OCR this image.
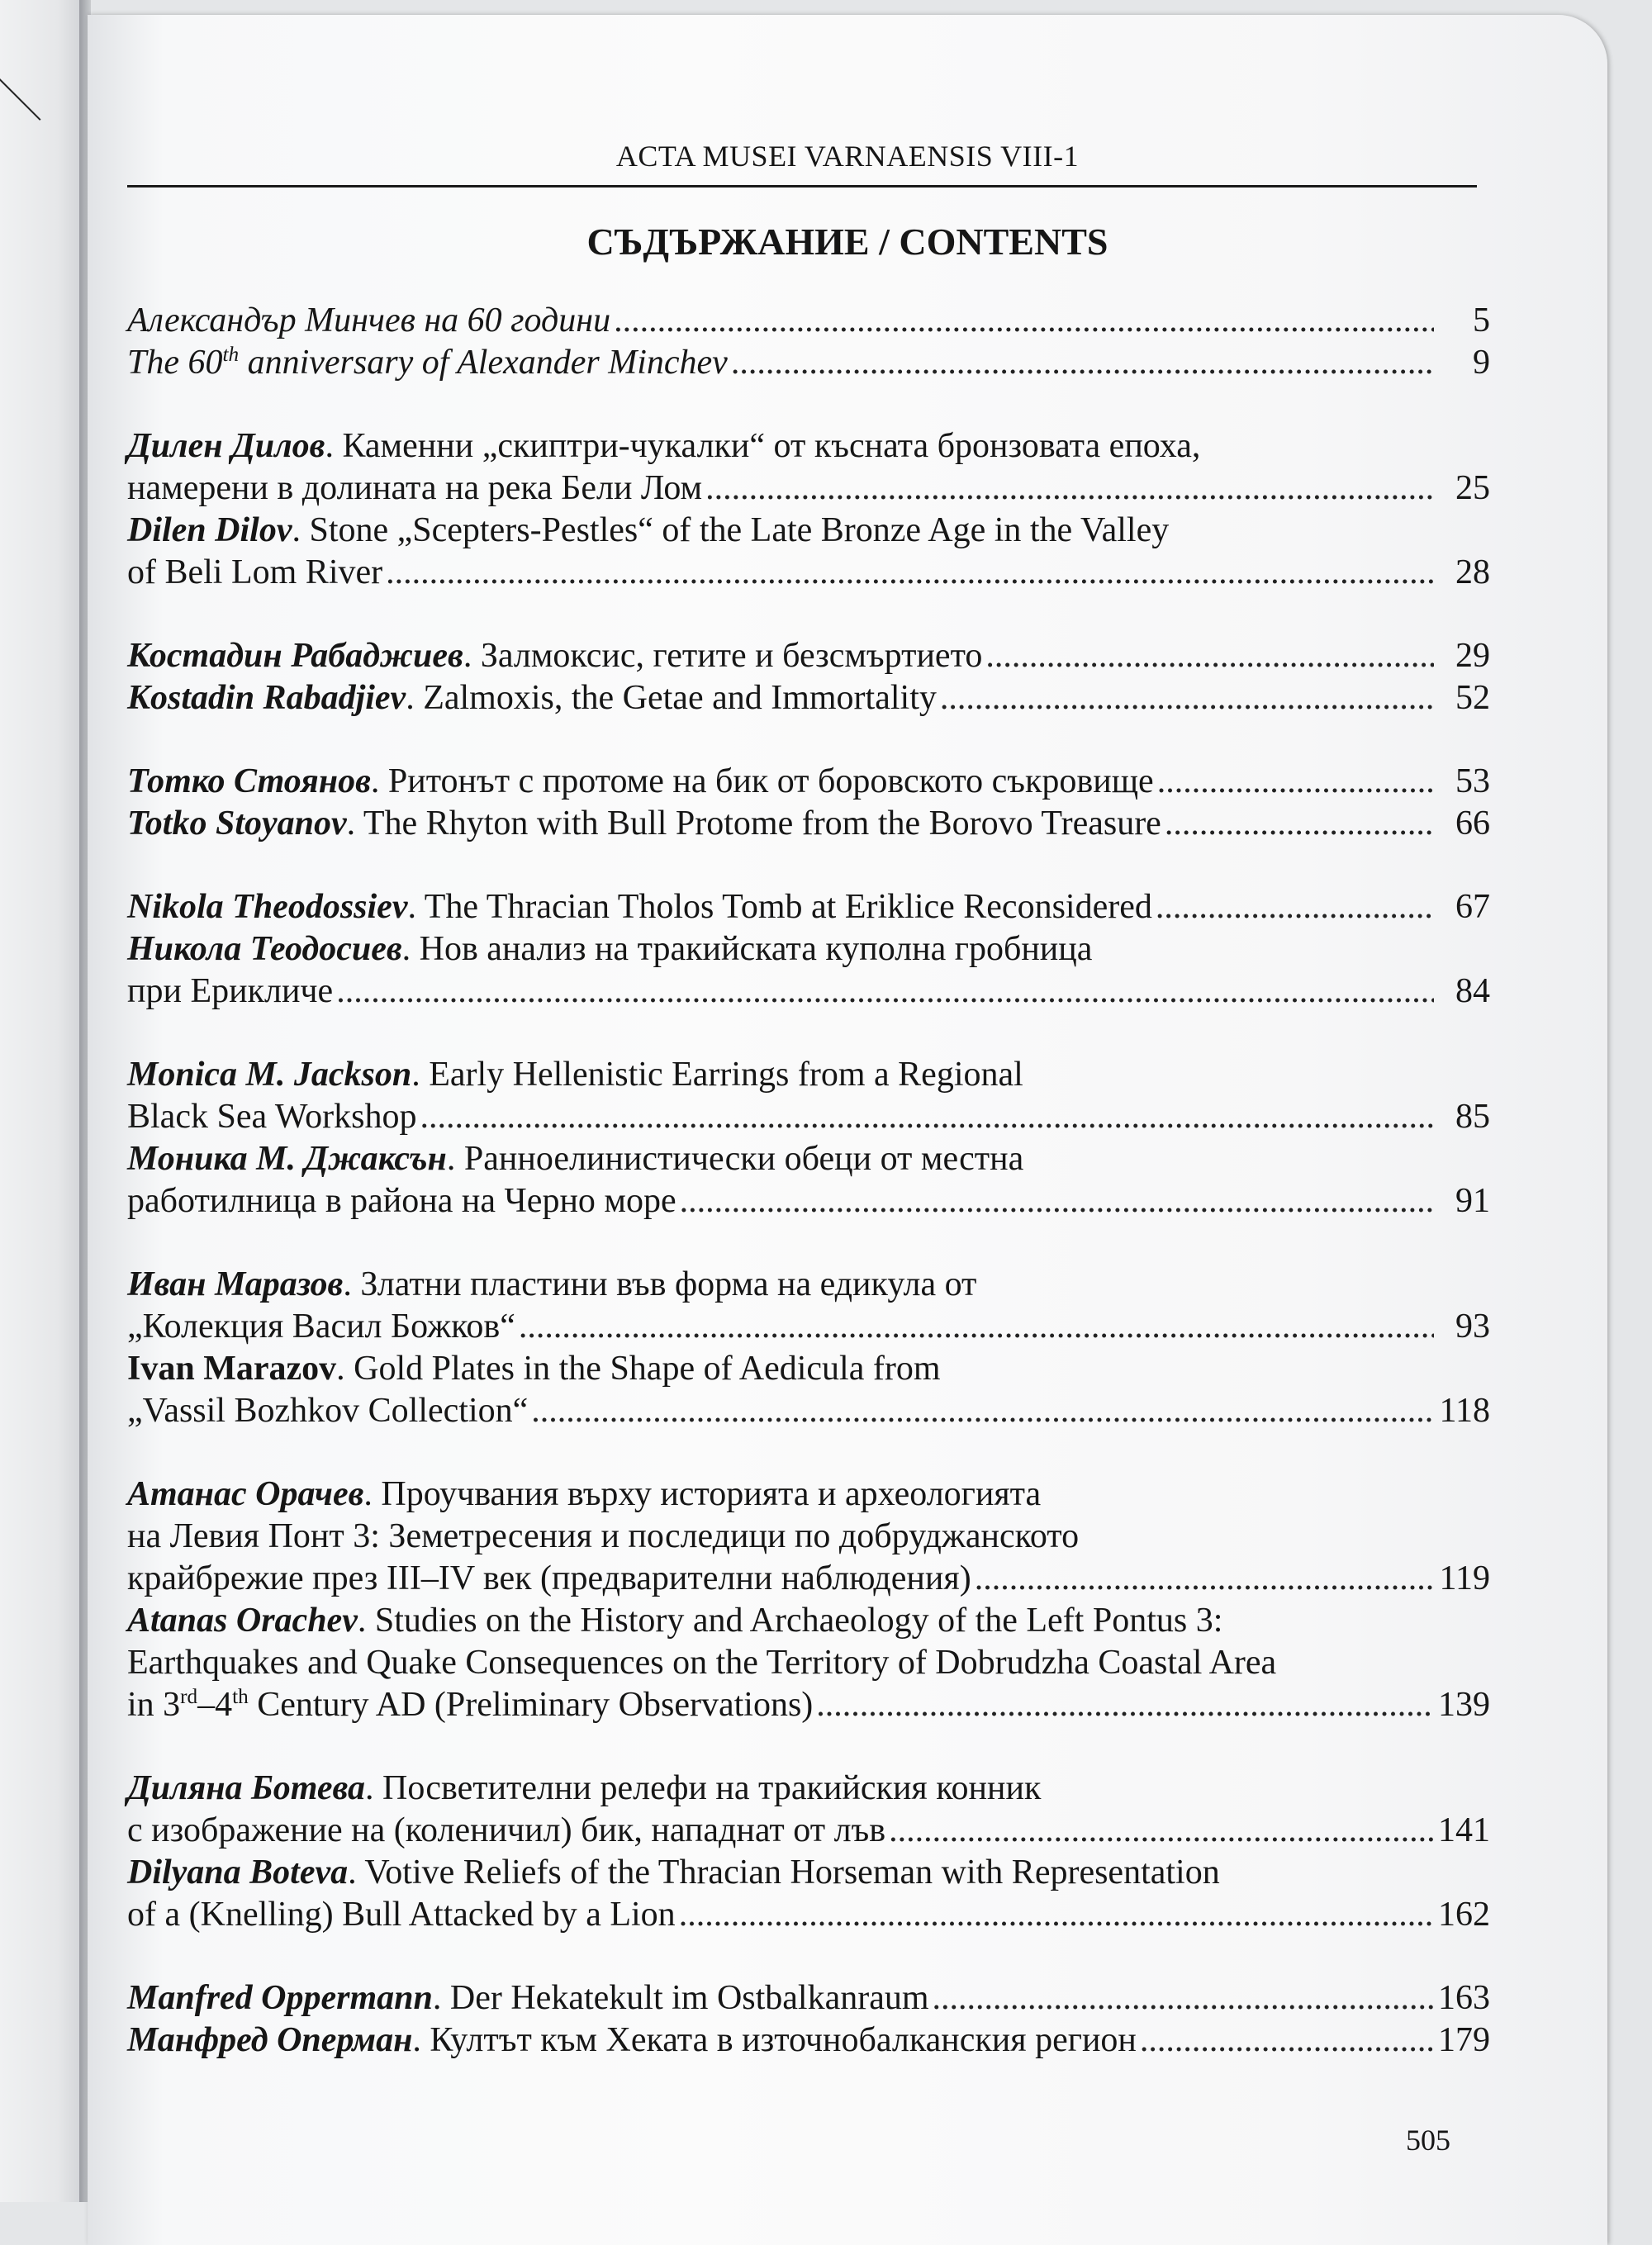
ACTA MUSEI VARNAENSIS VIII-1
СЪДЪРЖАНИЕ / CONTENTS
Александър Минчев на 60 години .....	5
The 60th anniversary of Alexander Minchev .....	9
Дилен Дилов. Каменни „скиптри-чукалки“ от късната бронзовата епоха,
намерени в долината на река Бели Лом .....	25
Dilen Dilov. Stone „Scepters-Pestles“ of the Late Bronze Age in the Valley
of Beli Lom River .....	28
Костадин Рабаджиев. Залмоксис, гетите и безсмъртието .....	29
Kostadin Rabadjiev. Zalmoxis, the Getae and Immortality .....	52
Тотко Стоянов. Ритонът с протоме на бик от боровското съкровище .....	53
Totko Stoyanov. The Rhyton with Bull Protome from the Borovo Treasure .....	66
Nikola Theodossiev. The Thracian Tholos Tomb at Eriklice Reconsidered .....	67
Никола Теодосиев. Нов анализ на тракийската куполна гробница
при Ерикличе .....	84
Monica M. Jackson. Early Hellenistic Earrings from a Regional
Black Sea Workshop .....	85
Моника М. Джаксън. Ранноелинистически обеци от местна
работилница в района на Черно море .....	91
Иван Маразов. Златни пластини във форма на едикула от
„Колекция Васил Божков“ .....	93
Ivan Marazov. Gold Plates in the Shape of Aedicula from
„Vassil Bozhkov Collection“ .....	118
Атанас Орачев. Проучвания върху историята и археологията
на Левия Понт 3: Земетресения и последици по добруджанското
крайбрежие през III–IV век (предварителни наблюдения) .....	119
Atanas Orachev. Studies on the History and Archaeology of the Left Pontus 3:
Earthquakes and Quake Consequences on the Territory of Dobrudzha Coastal Area
in 3rd–4th Century AD (Preliminary Observations) .....	139
Диляна Ботева. Посветителни релефи на тракийския конник
с изображение на (коленичил) бик, нападнат от лъв .....	141
Dilyana Boteva. Votive Reliefs of the Thracian Horseman with Representation
of a (Knelling) Bull Attacked by a Lion .....	162
Manfred Oppermann. Der Hekatekult im Ostbalkanraum .....	163
Манфред Оперман. Култът към Хеката в източнобалканския регион .....	179
505
